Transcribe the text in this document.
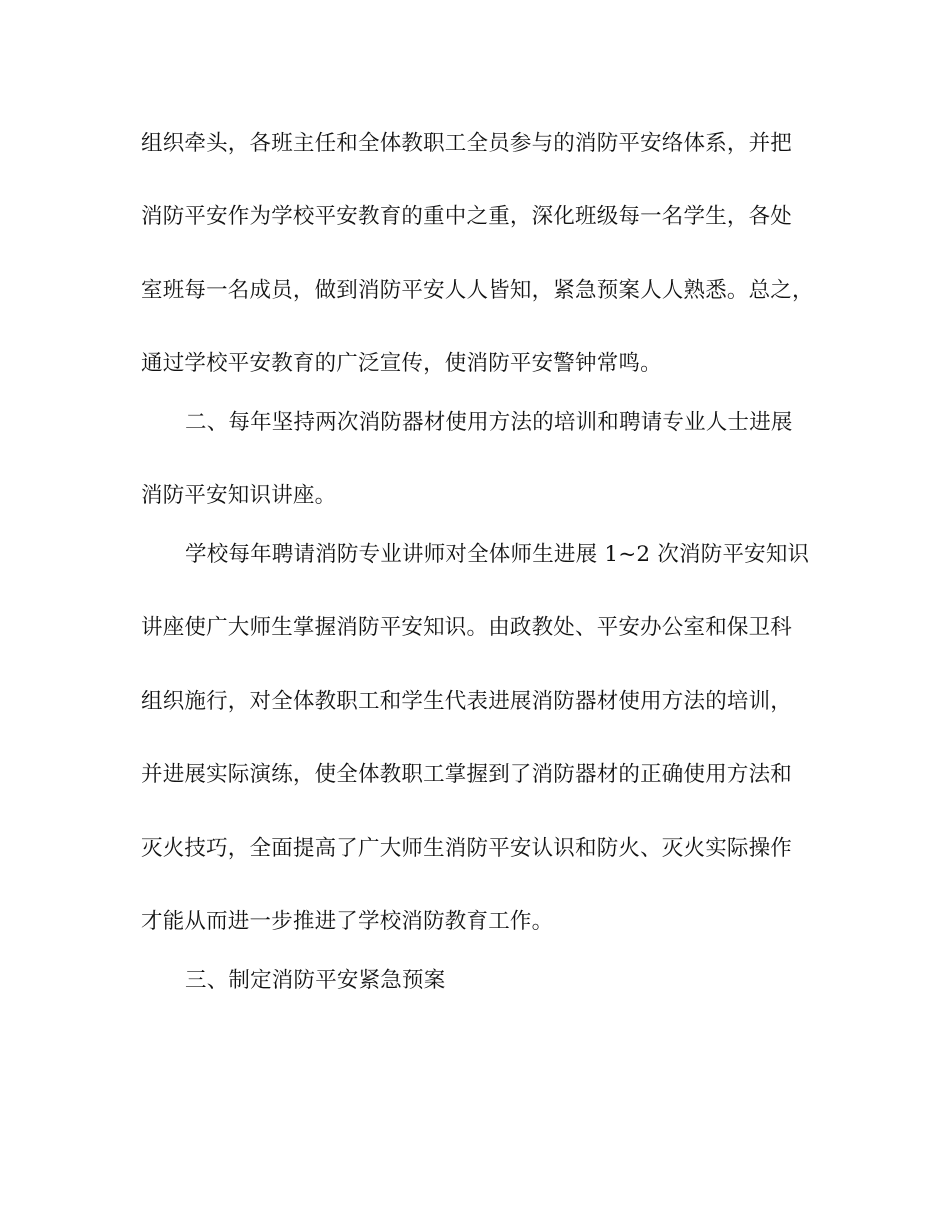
组织牵头，各班主任和全体教职工全员参与的消防平安络体系，并把
消防平安作为学校平安教育的重中之重，深化班级每一名学生，各处
室班每一名成员，做到消防平安人人皆知，紧急预案人人熟悉。总之，
通过学校平安教育的广泛宣传，使消防平安警钟常鸣。
二、每年坚持两次消防器材使用方法的培训和聘请专业人士进展
消防平安知识讲座。
学校每年聘请消防专业讲师对全体师生进展 1~2 次消防平安知识
讲座使广大师生掌握消防平安知识。由政教处、平安办公室和保卫科
组织施行，对全体教职工和学生代表进展消防器材使用方法的培训，
并进展实际演练，使全体教职工掌握到了消防器材的正确使用方法和
灭火技巧，全面提高了广大师生消防平安认识和防火、灭火实际操作
才能从而进一步推进了学校消防教育工作。
三、制定消防平安紧急预案
